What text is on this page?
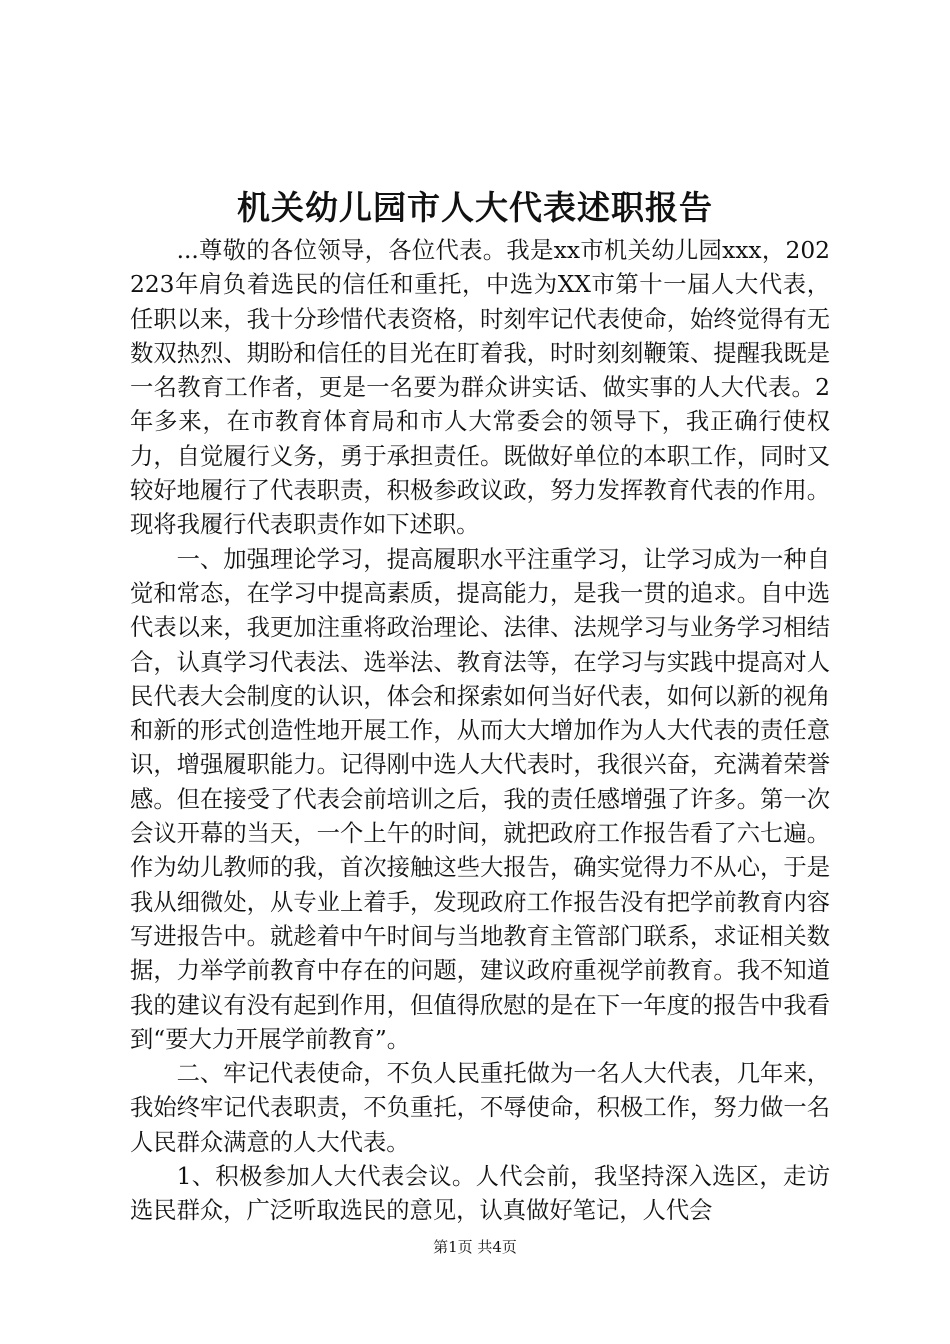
机关幼儿园市人大代表述职报告

...尊敬的各位领导，各位代表。我是xx市机关幼儿园xxx，202223年肩负着选民的信任和重托，中选为XX市第十一届人大代表，任职以来，我十分珍惜代表资格，时刻牢记代表使命，始终觉得有无数双热烈、期盼和信任的目光在盯着我，时时刻刻鞭策、提醒我既是一名教育工作者，更是一名要为群众讲实话、做实事的人大代表。2年多来，在市教育体育局和市人大常委会的领导下，我正确行使权力，自觉履行义务，勇于承担责任。既做好单位的本职工作，同时又较好地履行了代表职责，积极参政议政，努力发挥教育代表的作用。现将我履行代表职责作如下述职。

一、加强理论学习，提高履职水平注重学习，让学习成为一种自觉和常态，在学习中提高素质，提高能力，是我一贯的追求。自中选代表以来，我更加注重将政治理论、法律、法规学习与业务学习相结合，认真学习代表法、选举法、教育法等，在学习与实践中提高对人民代表大会制度的认识，体会和探索如何当好代表，如何以新的视角和新的形式创造性地开展工作，从而大大增加作为人大代表的责任意识，增强履职能力。记得刚中选人大代表时，我很兴奋，充满着荣誉感。但在接受了代表会前培训之后，我的责任感增强了许多。第一次会议开幕的当天，一个上午的时间，就把政府工作报告看了六七遍。作为幼儿教师的我，首次接触这些大报告，确实觉得力不从心，于是我从细微处，从专业上着手，发现政府工作报告没有把学前教育内容写进报告中。就趁着中午时间与当地教育主管部门联系，求证相关数据，力举学前教育中存在的问题，建议政府重视学前教育。我不知道我的建议有没有起到作用，但值得欣慰的是在下一年度的报告中我看到“要大力开展学前教育”。

二、牢记代表使命，不负人民重托做为一名人大代表，几年来，我始终牢记代表职责，不负重托，不辱使命，积极工作，努力做一名人民群众满意的人大代表。

1、积极参加人大代表会议。人代会前，我坚持深入选区，走访选民群众，广泛听取选民的意见，认真做好笔记，人代会

第1页 共4页
